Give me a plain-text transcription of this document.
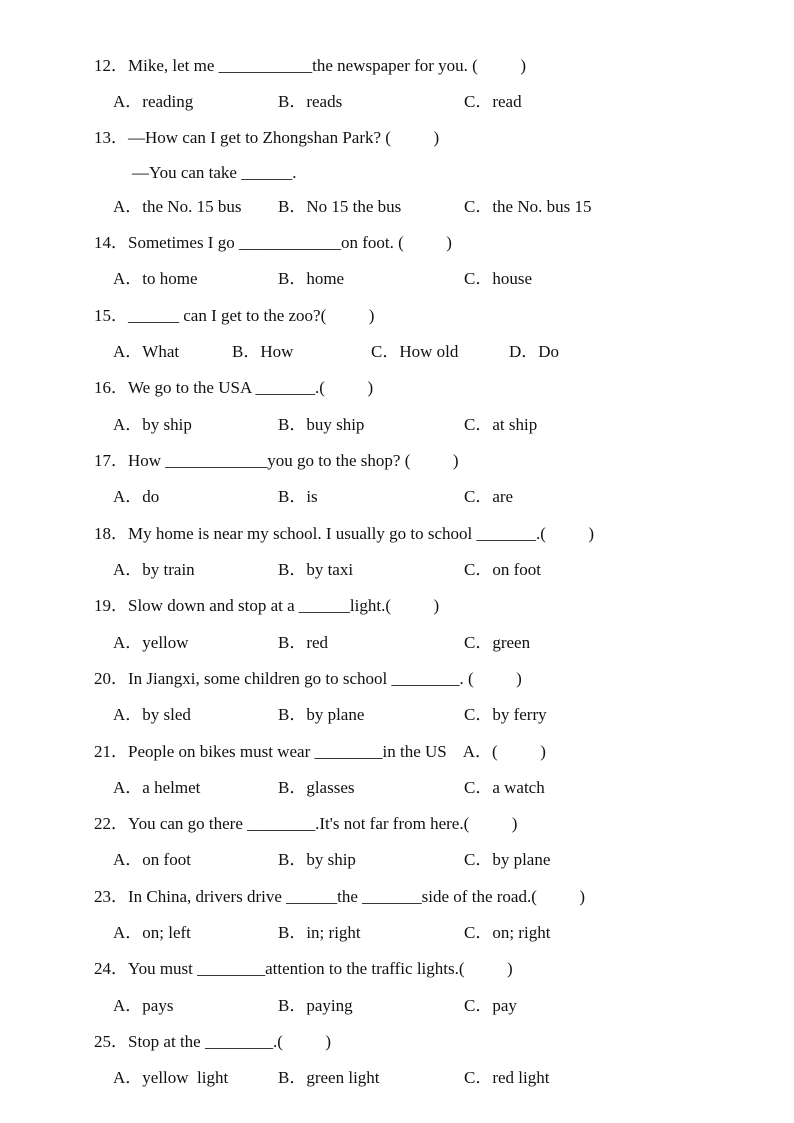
12．Mike, let me ___________the newspaper for you. (          )
A．reading	B．reads	C．read
13．—How can I get to Zhongshan Park? (          )
—You can take ______.
A．the No. 15 bus B．No 15 the bus	C．the No. bus 15
14．Sometimes I go ____________on foot. (          )
A．to home	B．home	C．house
15．______ can I get to the zoo?(          )
A．What	B．How	C．How old	D．Do
16．We go to the USA _______.(          )
A．by ship	B．buy ship	C．at ship
17．How ____________you go to the shop? (          )
A．do	B．is	C．are
18．My home is near my school. I usually go to school _______.(          )
A．by train	B．by taxi	C．on foot
19．Slow down and stop at a ______light.(          )
A．yellow	B．red	C．green
20．In Jiangxi, some children go to school ________. (          )
A．by sled	B．by plane	C．by ferry
21．People on bikes must wear ________in the US    A．(          )
A．a helmet	B．glasses	C．a watch
22．You can go there ________.It's not far from here.(          )
A．on foot	B．by ship	C．by plane
23．In China, drivers drive ______the _______side of the road.(          )
A．on; left	B．in; right	C．on; right
24．You must ________attention to the traffic lights.(          )
A．pays	B．paying	C．pay
25．Stop at the ________.(          )
A．yellow  light	B．green light	C．red light
